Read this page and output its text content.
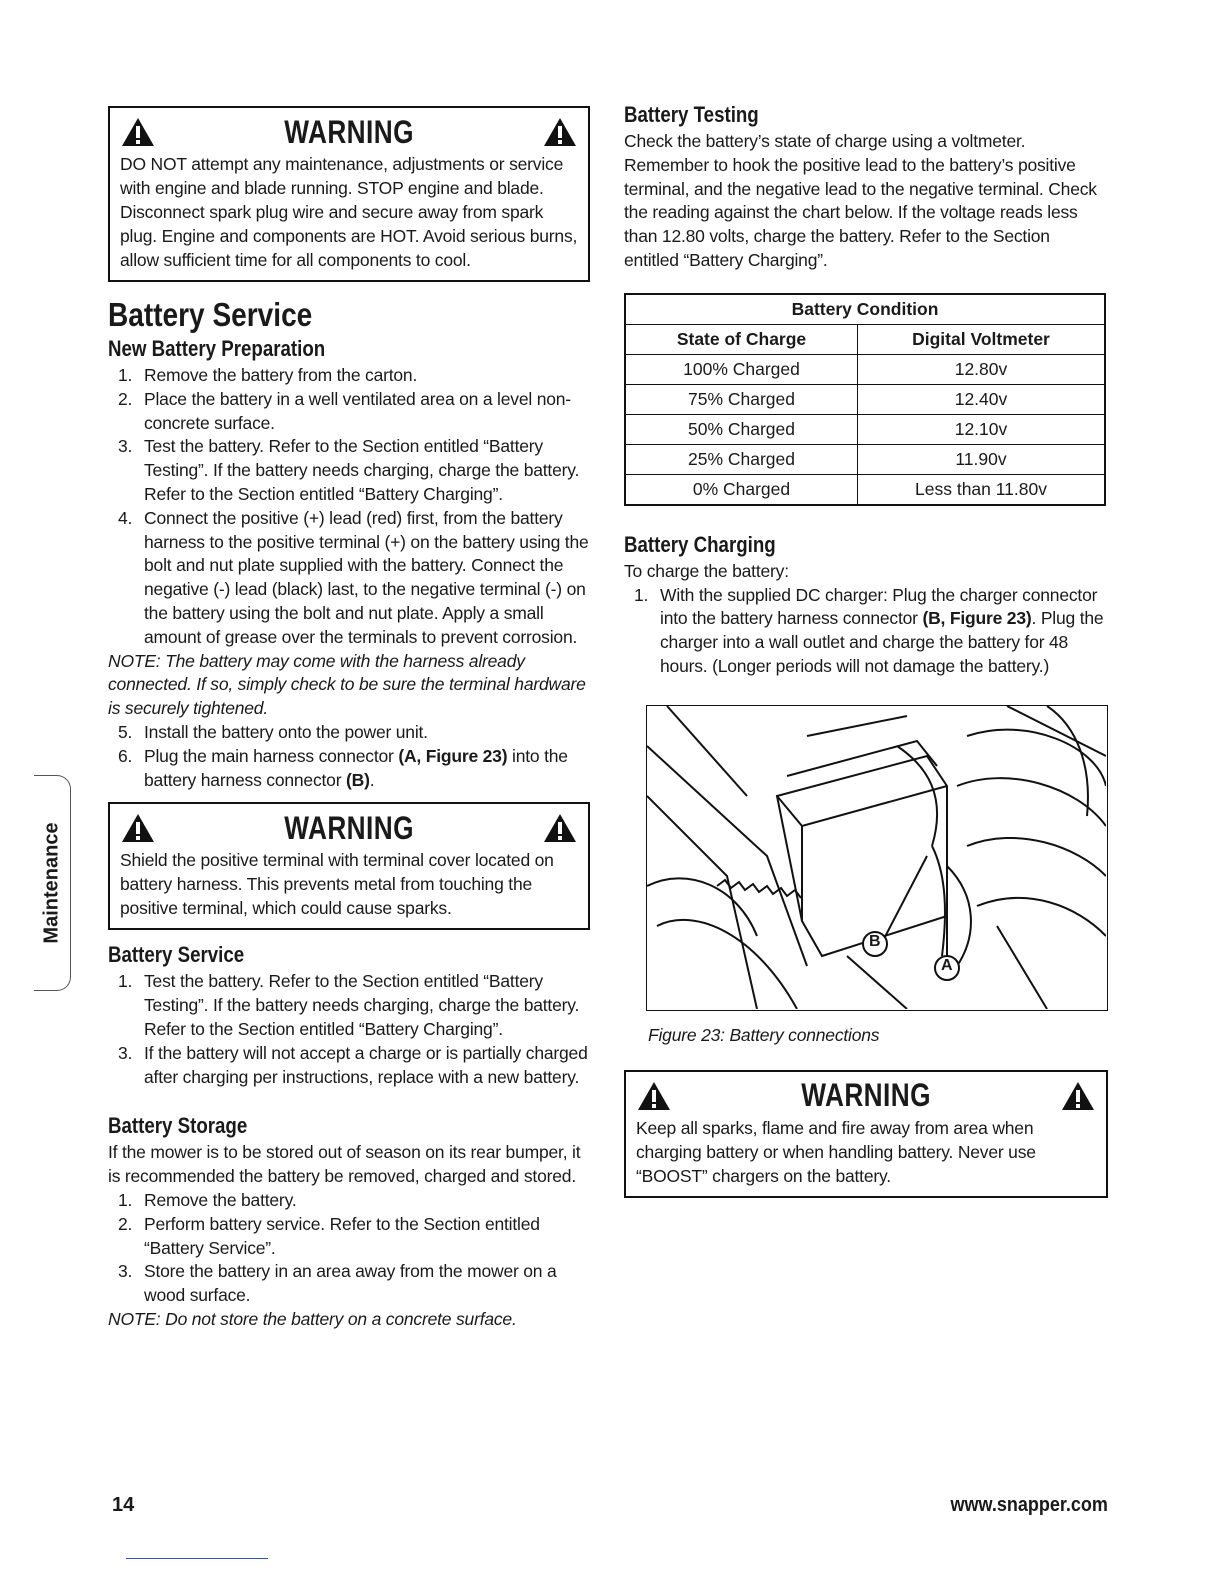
WARNING

DO NOT attempt any maintenance, adjustments or service with engine and blade running. STOP engine and blade. Disconnect spark plug wire and secure away from spark plug. Engine and components are HOT. Avoid serious burns, allow sufficient time for all components to cool.

Battery Service
New Battery Preparation
1. Remove the battery from the carton.
2. Place the battery in a well ventilated area on a level non-concrete surface.
3. Test the battery. Refer to the Section entitled “Battery Testing”. If the battery needs charging, charge the battery. Refer to the Section entitled “Battery Charging”.
4. Connect the positive (+) lead (red) first, from the battery harness to the positive terminal (+) on the battery using the bolt and nut plate supplied with the battery. Connect the negative (-) lead (black) last, to the negative terminal (-) on the battery using the bolt and nut plate. Apply a small amount of grease over the terminals to prevent corrosion.

NOTE: The battery may come with the harness already connected. If so, simply check to be sure the terminal hardware is securely tightened.

5. Install the battery onto the power unit.
6. Plug the main harness connector (A, Figure 23) into the battery harness connector (B).
WARNING

Shield the positive terminal with terminal cover located on battery harness. This prevents metal from touching the positive terminal, which could cause sparks.

Battery Service
1. Test the battery. Refer to the Section entitled “Battery Testing”. If the battery needs charging, charge the battery. Refer to the Section entitled “Battery Charging”.
3. If the battery will not accept a charge or is partially charged after charging per instructions, replace with a new battery.
Battery Storage

If the mower is to be stored out of season on its rear bumper, it is recommended the battery be removed, charged and stored.

1. Remove the battery.
2. Perform battery service. Refer to the Section entitled “Battery Service”.
3. Store the battery in an area away from the mower on a wood surface.

NOTE: Do not store the battery on a concrete surface.

Battery Testing

Check the battery’s state of charge using a voltmeter. Remember to hook the positive lead to the battery’s positive terminal, and the negative lead to the negative terminal. Check the reading against the chart below. If the voltage reads less than 12.80 volts, charge the battery. Refer to the Section entitled “Battery Charging”.

Battery Condition	
State of Charge	Digital Voltmeter
100% Charged	12.80v
75% Charged	12.40v
50% Charged	12.10v
25% Charged	11.90v
0% Charged	Less than 11.80v
Battery Charging

To charge the battery:

1. With the supplied DC charger: Plug the charger connector into the battery harness connector (B, Figure 23). Plug the charger into a wall outlet and charge the battery for 48 hours. (Longer periods will not damage the battery.)
B
A

Figure 23: Battery connections

WARNING

Keep all sparks, flame and fire away from area when charging battery or when handling battery. Never use “BOOST” chargers on the battery.

Maintenance
14	www.snapper.com
